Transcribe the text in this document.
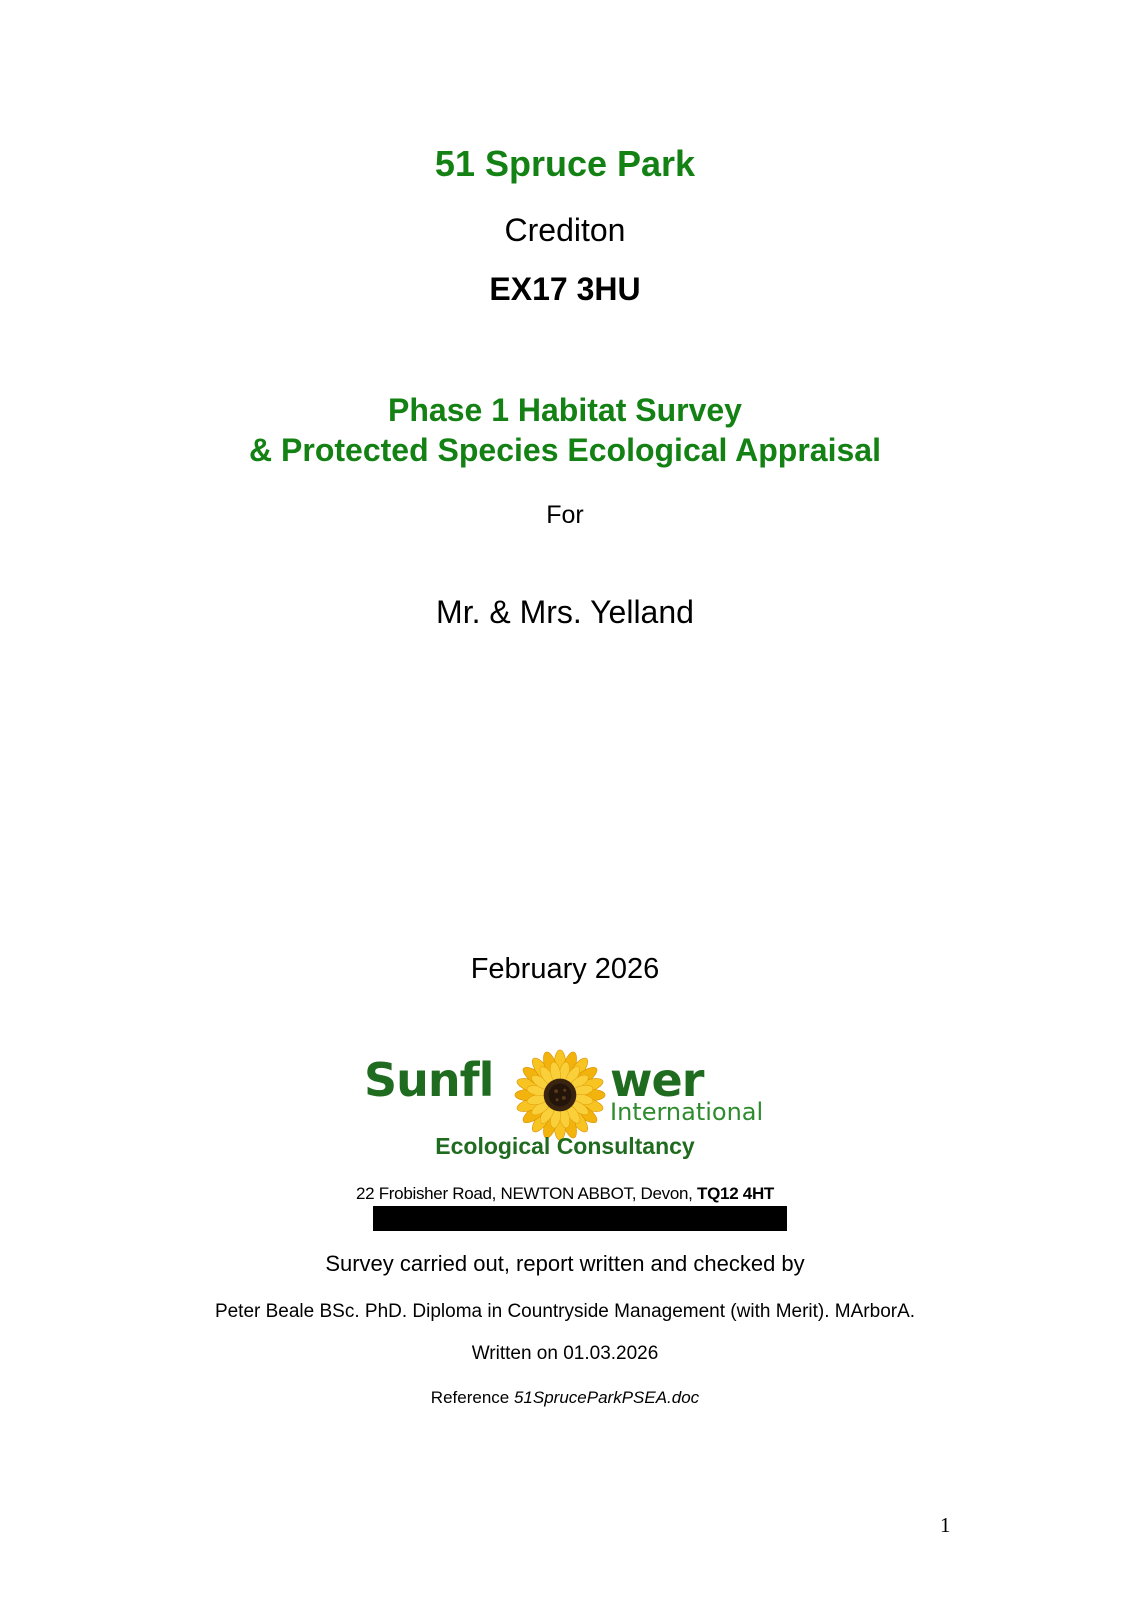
51 Spruce Park
Crediton
EX17 3HU
Phase 1 Habitat Survey
& Protected Species Ecological Appraisal
For
Mr. & Mrs. Yelland
February 2026
Sunfl	wer
International
Ecological Consultancy
22 Frobisher Road, NEWTON ABBOT, Devon, TQ12 4HT
Survey carried out, report written and checked by
Peter Beale BSc. PhD. Diploma in Countryside Management (with Merit). MArborA.
Written on 01.03.2026
Reference 51SpruceParkPSEA.doc
1
